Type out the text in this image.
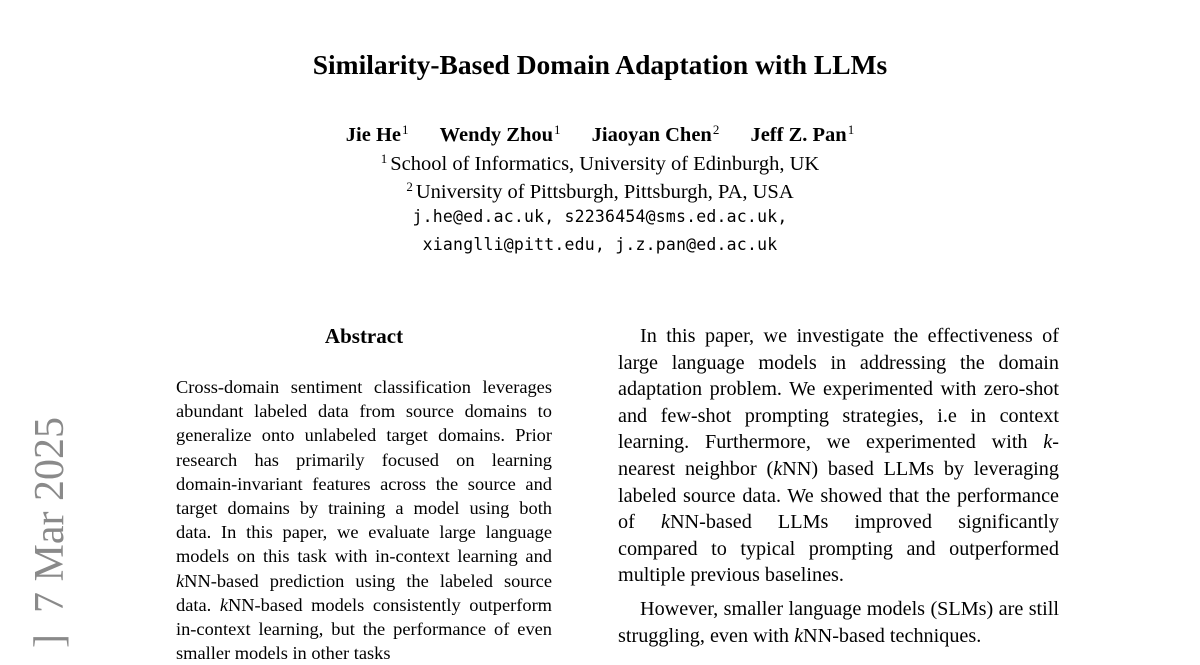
Similarity-Based Domain Adaptation with LLMs
Jie He$^1$ Wendy Zhou$^1$ Jiaoyan Chen$^2$ Jeff Z. Pan$^1$
$^1$ School of Informatics, University of Edinburgh, UK
$^2$ University of Pittsburgh, Pittsburgh, PA, USA
j.he@ed.ac.uk, s2236454@sms.ed.ac.uk,
xianglli@pitt.edu, j.z.pan@ed.ac.uk
Abstract

Cross-domain sentiment classification leverages abundant labeled data from source domains to generalize onto unlabeled target domains. Prior research has primarily focused on learning domain-invariant features across the source and target domains by training a model using both data. In this paper, we evaluate large language models on this task with in-context learning and kNN-based prediction using the labeled source data. kNN-based models consistently outperform in-context learning, but the performance of even smaller models in other tasks

In this paper, we investigate the effectiveness of large language models in addressing the domain adaptation problem. We experimented with zero-shot and few-shot prompting strategies, i.e in context learning. Furthermore, we experimented with k-nearest neighbor (kNN) based LLMs by leveraging labeled source data. We showed that the performance of kNN-based LLMs improved significantly compared to typical prompting and outperformed multiple previous baselines.

However, smaller language models (SLMs) are still struggling, even with kNN-based techniques.

]  7 Mar 2025
